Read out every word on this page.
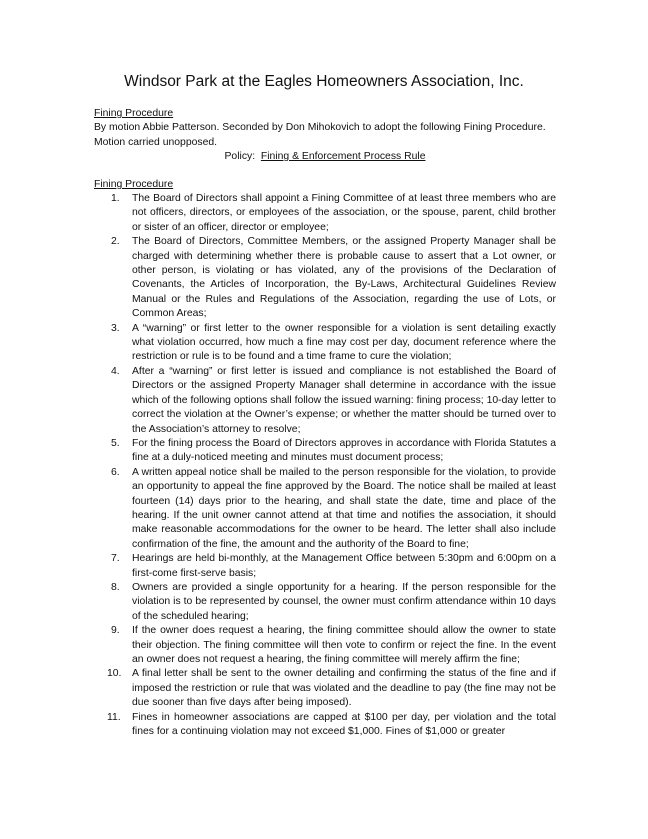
Windsor Park at the Eagles Homeowners Association, Inc.
Fining Procedure
By motion Abbie Patterson. Seconded by Don Mihokovich to adopt the following Fining Procedure. Motion carried unopposed.
Policy:  Fining & Enforcement Process Rule
Fining Procedure
1.	The Board of Directors shall appoint a Fining Committee of at least three members who are not officers, directors, or employees of the association, or the spouse, parent, child brother or sister of an officer, director or employee;
2.	The Board of Directors, Committee Members, or the assigned Property Manager shall be charged with determining whether there is probable cause to assert that a Lot owner, or other person, is violating or has violated, any of the provisions of the Declaration of Covenants, the Articles of Incorporation, the By-Laws, Architectural Guidelines Review Manual or the Rules and Regulations of the Association, regarding the use of Lots, or Common Areas;
3.	A “warning” or first letter to the owner responsible for a violation is sent detailing exactly what violation occurred, how much a fine may cost per day, document reference where the restriction or rule is to be found and a time frame to cure the violation;
4.	After a “warning” or first letter is issued and compliance is not established the Board of Directors or the assigned Property Manager shall determine in accordance with the issue which of the following options shall follow the issued warning: fining process; 10-day letter to correct the violation at the Owner’s expense; or whether the matter should be turned over to the Association’s attorney to resolve;
5.	For the fining process the Board of Directors approves in accordance with Florida Statutes a fine at a duly-noticed meeting and minutes must document process;
6.	A written appeal notice shall be mailed to the person responsible for the violation, to provide an opportunity to appeal the fine approved by the Board. The notice shall be mailed at least fourteen (14) days prior to the hearing, and shall state the date, time and place of the hearing. If the unit owner cannot attend at that time and notifies the association, it should make reasonable accommodations for the owner to be heard. The letter shall also include confirmation of the fine, the amount and the authority of the Board to fine;
7.	Hearings are held bi-monthly, at the Management Office between 5:30pm and 6:00pm on a first-come first-serve basis;
8.	Owners are provided a single opportunity for a hearing. If the person responsible for the violation is to be represented by counsel, the owner must confirm attendance within 10 days of the scheduled hearing;
9.	If the owner does request a hearing, the fining committee should allow the owner to state their objection. The fining committee will then vote to confirm or reject the fine. In the event an owner does not request a hearing, the fining committee will merely affirm the fine;
10.	A final letter shall be sent to the owner detailing and confirming the status of the fine and if imposed the restriction or rule that was violated and the deadline to pay (the fine may not be due sooner than five days after being imposed).
11.	Fines in homeowner associations are capped at $100 per day, per violation and the total fines for a continuing violation may not exceed $1,000. Fines of $1,000 or greater
